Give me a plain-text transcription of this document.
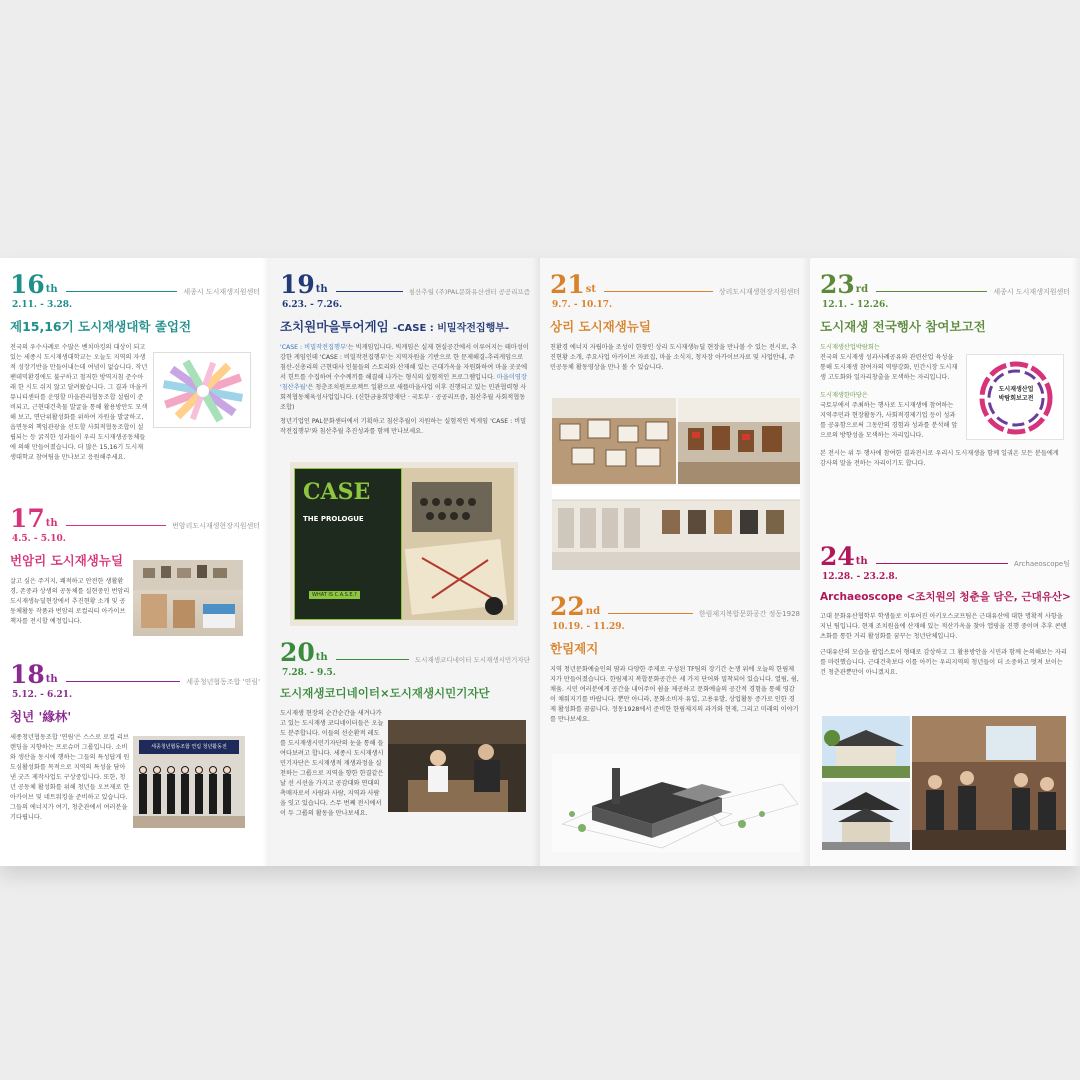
16 th	세종시 도시재생지원센터
2.11. - 3.28.
제15,16기 도시재생대학 졸업전
전국의 우수사례로 수많은 벤치마킹의 대상이 되고 있는 세종시 도시재생대학교는 오늘도 지역의 자생적 성장기반을 만들어내는데 여념이 없습니다. 작년 팬데믹환경에도 불구하고 철저한 방역지침 준수아래 한 시도 쉬지 않고 달려왔습니다. 그 결과 마을커뮤니티센터를 운영할 마을관리협동조합 설립이 준비되고, 근현대건축물 발굴을 통해 활용방안도 모색해 보고, 면단위활성화를 위하여 자원을 발굴하고, 읍면동의 책임관광을 선도할 사회적협동조합이 설립되는 등 굵직한 성과들이 우리 도시재생공동체들에 의해 만들어졌습니다. 더 많은 15,16기 도시재생대학교 참여팀을 만나보고 응원해주세요.
17 th	번암리도시재생현장지원센터
4.5. - 5.10.
번암리 도시재생뉴딜
살고 싶은 주거지, 쾌적하고 안전한 생활환경, 존중과 상생의 공동체를 실현중인 번암리 도시재생뉴딜현장에서 추진현황 소개 및 공동체활동 작품과 번암리 로컬리티 아카이브 책자를 전시할 예정입니다.
18 th	세종청년협동조합 '연림'
5.12. - 6.21.
청년 '緣林'
세종청년협동조합 '연림'은 스스로 로컬 리브랜딩을 지향하는 프로슈머 그룹입니다. 소비와 생산을 동시에 행하는 그들의 특성답게 원도심활성화를 목적으로 지역의 특성을 담아낸 굿즈 제작사업도 구상중입니다. 또한, 청년 공동체 활성화를 위해 청년들 오브제로 한 아카이브 및 네트워킹을 준비하고 있습니다. 그들의 에너지가 여기, 청춘관에서 여러분을 기다립니다.
세종청년협동조합 연림 청년활동전
19 th	침산추월 (주)PAL문화유산센터 공공리프즘
6.23. - 7.26.
조치원마을투어게임 -CASE : 비밀작전집행부-
'CASE : 비밀작전집행부'는 빅게임입니다. 빅게임은 실제 현실공간에서 이루어지는 테마성이 강한 게임인데 'CASE : 비밀작전집행부'는 지역자원을 기반으로 한 문제해결-추리게임으로 침산-신총리의 근현대사 인물들의 스토리와 산재해 있는 근대가옥을 자원화하여 마을 곳곳에서 힌트를 수집하여 수수께끼를 해결해 나가는 형식의 실험적인 프로그램입니다. 마을미영장 '침산추월'은 청춘조치원프로젝트 일환으로 새뜰마을사업 이후 진행되고 있는 민관협력형 사회적협동체육성사업입니다. (신한금융희망재단 · 국토부 · 공공리프즘, 침산추월 사회적협동조합)
청년기업인 PAL문화센터에서 기획하고 침산추월이 지원하는 실험적인 빅게임 'CASE : 비밀작전집행부'와 침산추월 추진성과를 함께 만나보세요.
CASE
THE PROLOGUE
WHAT IS C.A.S.E.?
20 th	도시재생코디네이터 도시재생시민기자단
7.28. - 9.5.
도시재생코디네이터×도시재생시민기자단
도시재생 현장의 순간순간을 새겨나가고 있는 도시재생 코디네이터들은 오늘도 분주합니다. 이들의 선순환적 레도를 도시재생시민기자단의 눈을 통해 들여다보려고 합니다. 세종시 도시재생시민기자단은 도시재생적 재생과정을 실천하는 그룹으로 지역을 향한 한결같은 날 선 시선을 가지고 공감대와 연대의 촉매자로서 사람과 사람, 지역과 사람을 잇고 있습니다. 스무 번째 전시에서 이 두 그룹의 활동을 만나보세요.
21 st	상리도시재생현장지원센터
9.7. - 10.17.
상리 도시재생뉴딜
친환경 에너지 자립마을 조성이 한창인 상리 도시재생뉴딜 현장을 만나볼 수 있는 전시로, 추진현황 소개, 주요사업 아카이브 자료집, 마을 소식지, 청자장 아카이브자료 및 사업안내, 주민공동체 활동영상을 만나 볼 수 있습니다.
22 nd	한림제지복합문화공간 정동1928
10.19. - 11.29.
한림제지
지역 청년문화예술인의 땀과 다양한 주제로 구성된 TF팀의 장기간 논쟁 위에 오늘의 한림제지가 만들어졌습니다. 한림제지 복합문화공간은 세 가지 단어와 밀착되어 있습니다. 열림, 쉼, 채움. 시민 여러분에게 공간을 내어주어 쉼을 제공하고 문화예술의 공간적 경험을 통해 영감이 채워지기를 바랍니다. 뿐만 아니라, 문화소비자 유입, 고용유발, 상업활동 증가로 인한 경제 활성화를 꿈꿉니다. 정동1928에서 준비한 한림제지의 과거와 현재, 그리고 미래의 이야기를 만나보세요.
23 rd	세종시 도시재생지원센터
12.1. - 12.26.
도시재생 전국행사 참여보고전
도시재생산업박람회는
전국의 도시재생 성과사례공유와 관련산업 육성을 통해 도시재생 참여자의 역량강화, 민간시장 도시재생 고도화와 일자리창출을 모색하는 자리입니다.
도시재생한마당은
국토부에서 주최하는 행사로 도시재생에 참여하는 지역주민과 현장활동가, 사회적경제기업 등이 성과를 공유함으로써 그동안의 경험과 성과를 분석해 앞으로의 방향성을 모색하는 자리입니다.
본 전시는 위 두 행사에 참여한 결과전시로 우리시 도시재생을 함께 일궈온 모든 분들에게 감사의 말을 전하는 자리이기도 합니다.
도시재생산업 박람회보고전
24 th	Archaeoscope팀
12.28. - 23.2.8.
Archaeoscope <조치원의 청춘을 담은, 근대유산>
고대 문화유산협학부 학생들로 이루어진 아키오스코프팀은 근대유산에 대한 명확적 사항을 지닌 팀입니다. 현재 조치원읍에 산재해 있는 적산가옥을 찾아 앱핑을 진행 중이며 추후 콘텐츠화를 통한 거리 활성화를 꿈꾸는 청년단체입니다.
근대유산의 모습을 팝업스토어 형태로 감상하고 그 활용방안을 시민과 함께 논의해보는 자리를 마련했습니다. 근대건축보다 이를 아끼는 우리지역의 청년들이 더 소중하고 멋져 보이는 건 청춘관뿐만이 아니겠지요.
